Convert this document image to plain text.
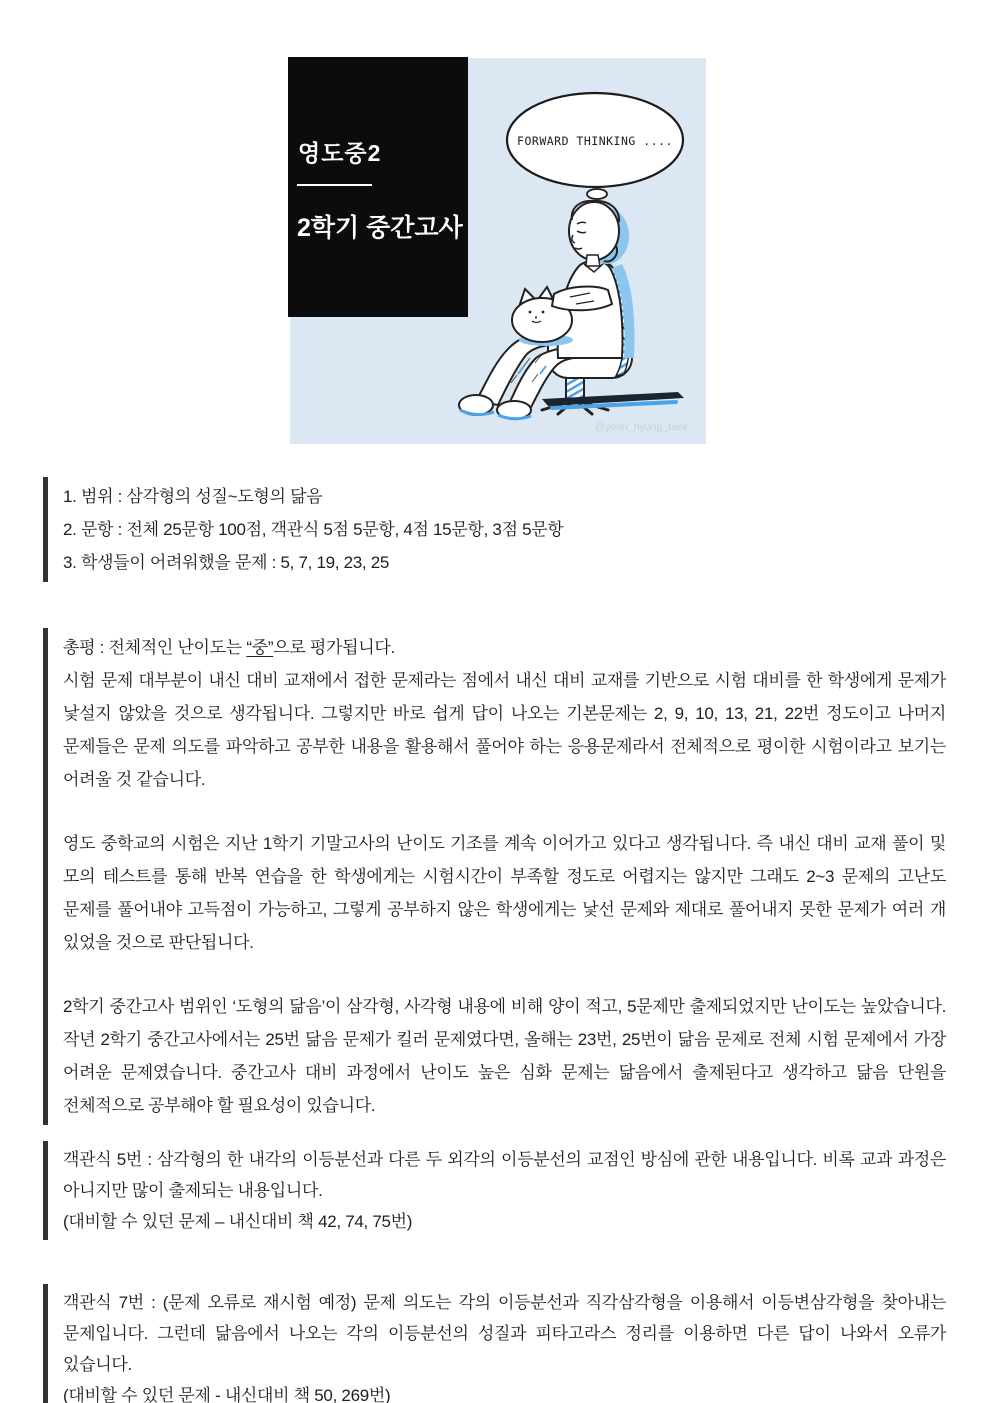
FORWARD THINKING ....
@yoon_hyung_taek
영도중2
2학기 중간고사

1. 범위 : 삼각형의 성질~도형의 닮음

2. 문항 : 전체 25문항 100점, 객관식 5점 5문항, 4점 15문항, 3점 5문항

3. 학생들이 어려워했을 문제 : 5, 7, 19, 23, 25

총평 : 전체적인 난이도는 “중”으로 평가됩니다.

시험 문제 대부분이 내신 대비 교재에서 접한 문제라는 점에서 내신 대비 교재를 기반으로 시험 대비를 한 학생에게 문제가 낯설지 않았을 것으로 생각됩니다. 그렇지만 바로 쉽게 답이 나오는 기본문제는 2, 9, 10, 13, 21, 22번 정도이고 나머지 문제들은 문제 의도를 파악하고 공부한 내용을 활용해서 풀어야 하는 응용문제라서 전체적으로 평이한 시험이라고 보기는 어려울 것 같습니다.

영도 중학교의 시험은 지난 1학기 기말고사의 난이도 기조를 계속 이어가고 있다고 생각됩니다. 즉 내신 대비 교재 풀이 및 모의 테스트를 통해 반복 연습을 한 학생에게는 시험시간이 부족할 정도로 어렵지는 않지만 그래도 2~3 문제의 고난도 문제를 풀어내야 고득점이 가능하고, 그렇게 공부하지 않은 학생에게는 낯선 문제와 제대로 풀어내지 못한 문제가 여러 개 있었을 것으로 판단됩니다.

2학기 중간고사 범위인 ‘도형의 닮음’이 삼각형, 사각형 내용에 비해 양이 적고, 5문제만 출제되었지만 난이도는 높았습니다. 작년 2학기 중간고사에서는 25번 닮음 문제가 킬러 문제였다면, 올해는 23번, 25번이 닮음 문제로 전체 시험 문제에서 가장 어려운 문제였습니다. 중간고사 대비 과정에서 난이도 높은 심화 문제는 닮음에서 출제된다고 생각하고 닮음 단원을 전체적으로 공부해야 할 필요성이 있습니다.

객관식 5번 : 삼각형의 한 내각의 이등분선과 다른 두 외각의 이등분선의 교점인 방심에 관한 내용입니다. 비록 교과 과정은 아니지만 많이 출제되는 내용입니다.

(대비할 수 있던 문제 – 내신대비 책 42, 74, 75번)

객관식 7번 : (문제 오류로 재시험 예정) 문제 의도는 각의 이등분선과 직각삼각형을 이용해서 이등변삼각형을 찾아내는 문제입니다. 그런데 닮음에서 나오는 각의 이등분선의 성질과 피타고라스 정리를 이용하면 다른 답이 나와서 오류가 있습니다.

(대비할 수 있던 문제 - 내신대비 책 50, 269번)
